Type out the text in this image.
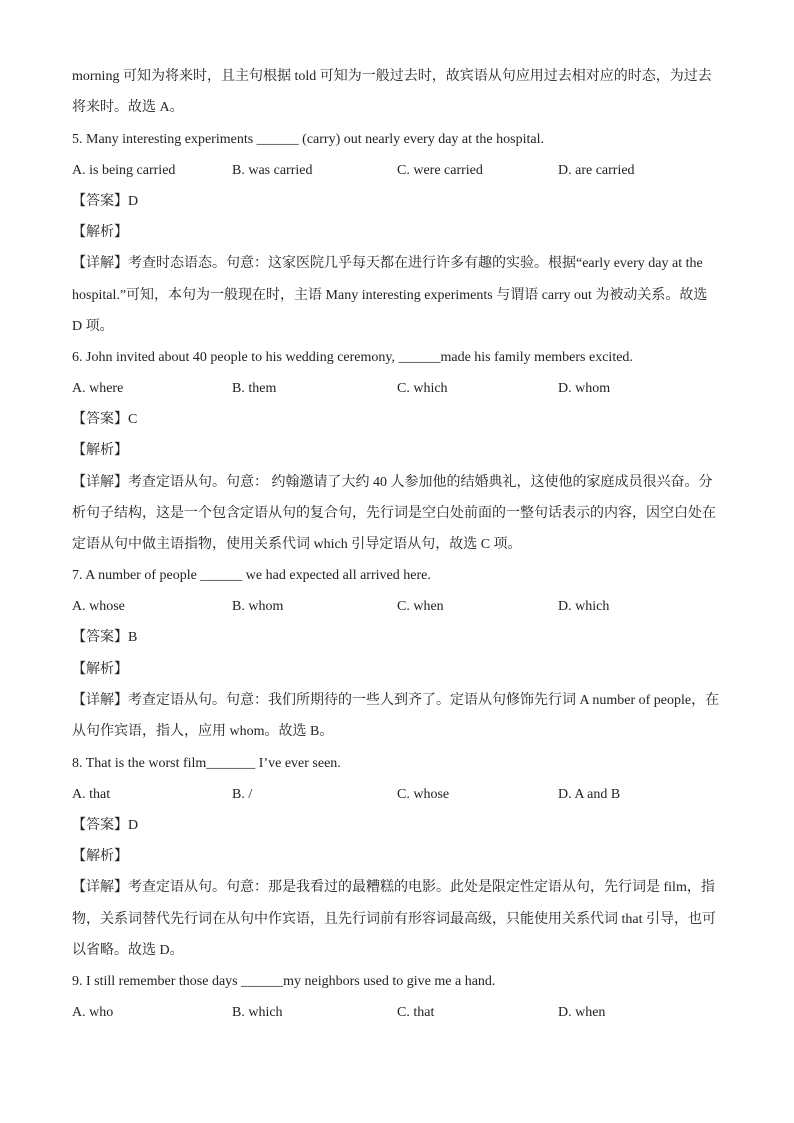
morning 可知为将来时，且主句根据 told 可知为一般过去时，故宾语从句应用过去相对应的时态，为过去
将来时。故选 A。
5. Many interesting experiments ______ (carry) out nearly every day at the hospital.
A. is being carried	B. was carried	C. were carried	D. are carried
【答案】D
【解析】
【详解】考查时态语态。句意：这家医院几乎每天都在进行许多有趣的实验。根据“early every day at the
hospital.”可知，本句为一般现在时，主语 Many interesting experiments 与谓语 carry out 为被动关系。故选
D 项。
6. John invited about 40 people to his wedding ceremony, ______made his family members excited.
A. where	B. them	C. which	D. whom
【答案】C
【解析】
【详解】考查定语从句。句意： 约翰邀请了大约 40 人参加他的结婚典礼，这使他的家庭成员很兴奋。分
析句子结构，这是一个包含定语从句的复合句，先行词是空白处前面的一整句话表示的内容，因空白处在
定语从句中做主语指物，使用关系代词 which 引导定语从句，故选 C 项。
7. A number of people ______ we had expected all arrived here.
A. whose	B. whom	C. when	D. which
【答案】B
【解析】
【详解】考查定语从句。句意：我们所期待的一些人到齐了。定语从句修饰先行词 A number of people，在
从句作宾语，指人，应用 whom。故选 B。
8. That is the worst film_______ I’ve ever seen.
A. that	B. /	C. whose	D. A and B
【答案】D
【解析】
【详解】考查定语从句。句意：那是我看过的最糟糕的电影。此处是限定性定语从句，先行词是 film，指
物，关系词替代先行词在从句中作宾语，且先行词前有形容词最高级，只能使用关系代词 that 引导，也可
以省略。故选 D。
9. I still remember those days ______my neighbors used to give me a hand.
A. who	B. which	C. that	D. when
